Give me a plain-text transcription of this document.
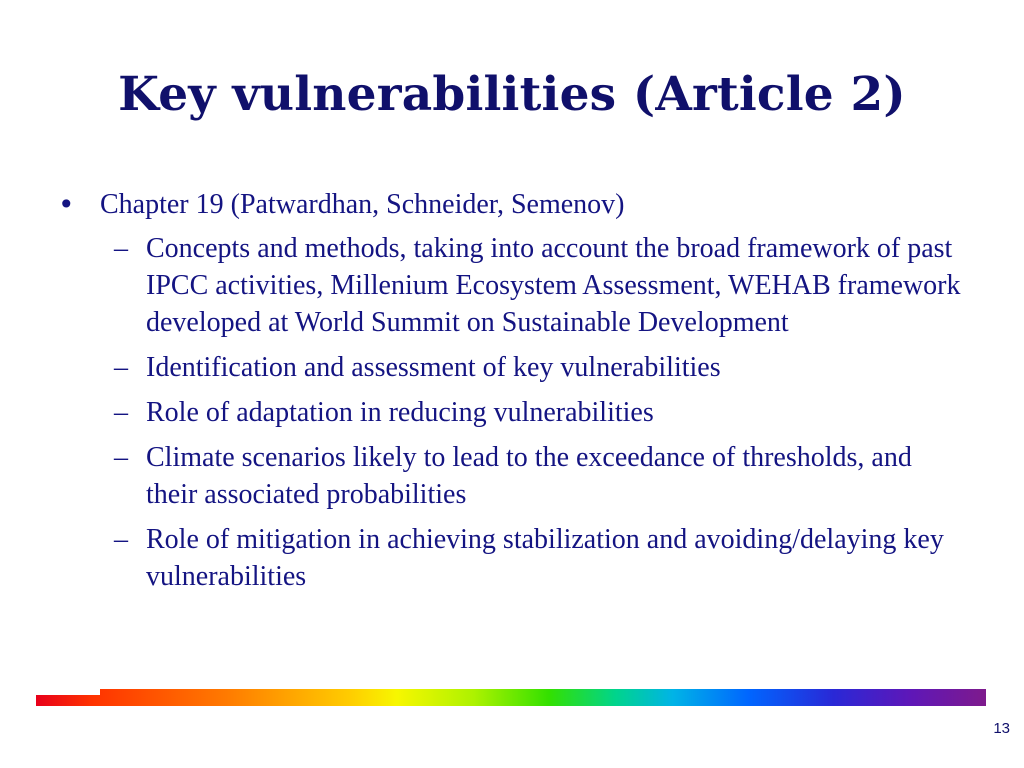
Key vulnerabilities (Article 2)
• Chapter 19 (Patwardhan, Schneider, Semenov)
– Concepts and methods, taking into account the broad framework of past IPCC activities, Millenium Ecosystem Assessment, WEHAB framework developed at World Summit on Sustainable Development
– Identification and assessment of key vulnerabilities
– Role of adaptation in reducing vulnerabilities
– Climate scenarios likely to lead to the exceedance of thresholds, and their associated probabilities
– Role of mitigation in achieving stabilization and avoiding/delaying key vulnerabilities
13
